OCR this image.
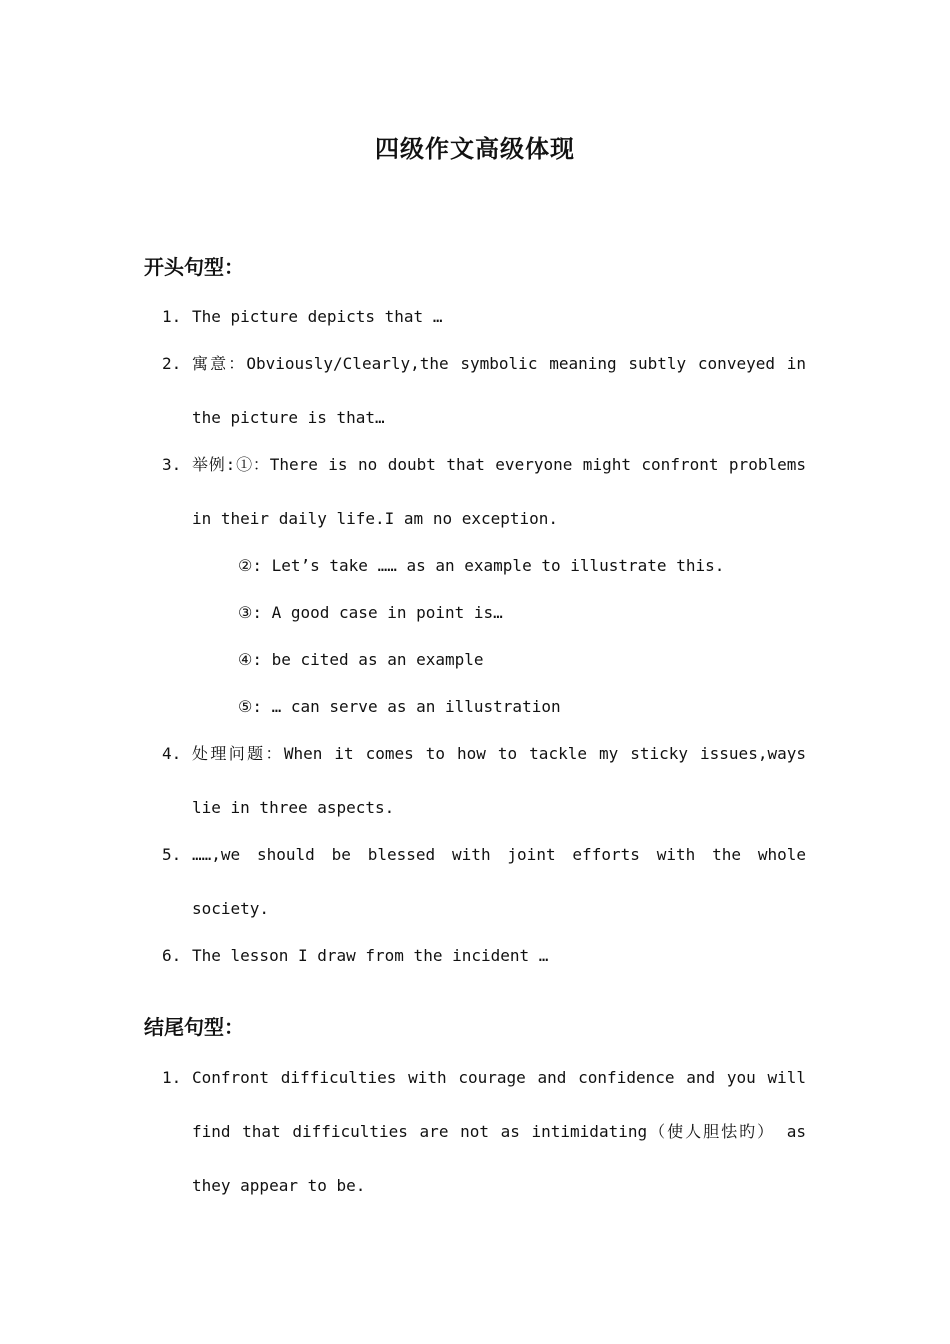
四级作文高级体现
开头句型：
1. The picture depicts that …
2. 寓意：Obviously/Clearly,the symbolic meaning subtly conveyed in
the picture is that…
3. 举例:①：There is no doubt that everyone might confront problems
in their daily life.I am no exception.
②: Let’s take …… as an example to illustrate this.
③: A good case in point is…
④: be cited as an example
⑤: … can serve as an illustration
4. 处理问题：When it comes to how to tackle my sticky issues,ways
lie in three aspects.
5. ……,we should be blessed with joint efforts with the whole
society.
6. The lesson I draw from the incident …
结尾句型：
1. Confront difficulties with courage and confidence and you will
find that difficulties are not as intimidating（使人胆怯旳） as
they appear to be.
